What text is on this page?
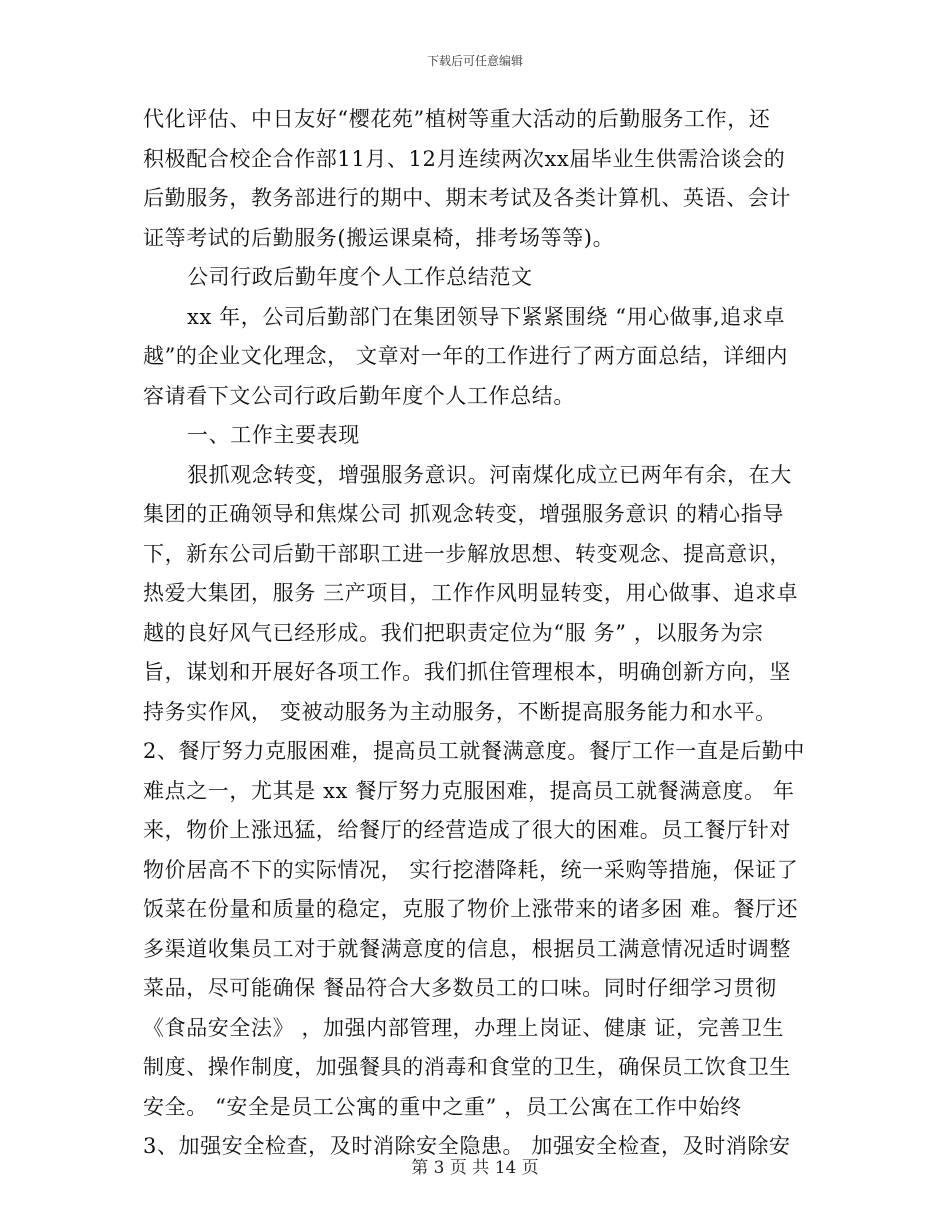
下载后可任意编辑
代化评估、中日友好“樱花苑”植树等重大活动的后勤服务工作，还
积极配合校企合作部11月、12月连续两次xx届毕业生供需洽谈会的
后勤服务，教务部进行的期中、期末考试及各类计算机、英语、会计
证等考试的后勤服务(搬运课桌椅，排考场等等)。
公司行政后勤年度个人工作总结范文
xx 年，公司后勤部门在集团领导下紧紧围绕 “用心做事,追求卓
越”的企业文化理念， 文章对一年的工作进行了两方面总结，详细内
容请看下文公司行政后勤年度个人工作总结。
一、工作主要表现
狠抓观念转变，增强服务意识。河南煤化成立已两年有余，在大
集团的正确领导和焦煤公司 抓观念转变，增强服务意识 的精心指导
下，新东公司后勤干部职工进一步解放思想、转变观念、提高意识，
热爱大集团，服务 三产项目，工作作风明显转变，用心做事、追求卓
越的良好风气已经形成。我们把职责定位为“服 务” ，以服务为宗
旨，谋划和开展好各项工作。我们抓住管理根本，明确创新方向，坚
持务实作风， 变被动服务为主动服务，不断提高服务能力和水平。
2、餐厅努力克服困难，提高员工就餐满意度。餐厅工作一直是后勤中
难点之一，尤其是 xx 餐厅努力克服困难，提高员工就餐满意度。 年
来，物价上涨迅猛，给餐厅的经营造成了很大的困难。员工餐厅针对
物价居高不下的实际情况， 实行挖潜降耗，统一采购等措施，保证了
饭菜在份量和质量的稳定，克服了物价上涨带来的诸多困 难。餐厅还
多渠道收集员工对于就餐满意度的信息，根据员工满意情况适时调整
菜品，尽可能确保 餐品符合大多数员工的口味。同时仔细学习贯彻
《食品安全法》 ，加强内部管理，办理上岗证、健康 证，完善卫生
制度、操作制度，加强餐具的消毒和食堂的卫生，确保员工饮食卫生
安全。 “安全是员工公寓的重中之重” ，员工公寓在工作中始终
3、加强安全检查，及时消除安全隐患。 加强安全检查，及时消除安
第 3 页 共 14 页
